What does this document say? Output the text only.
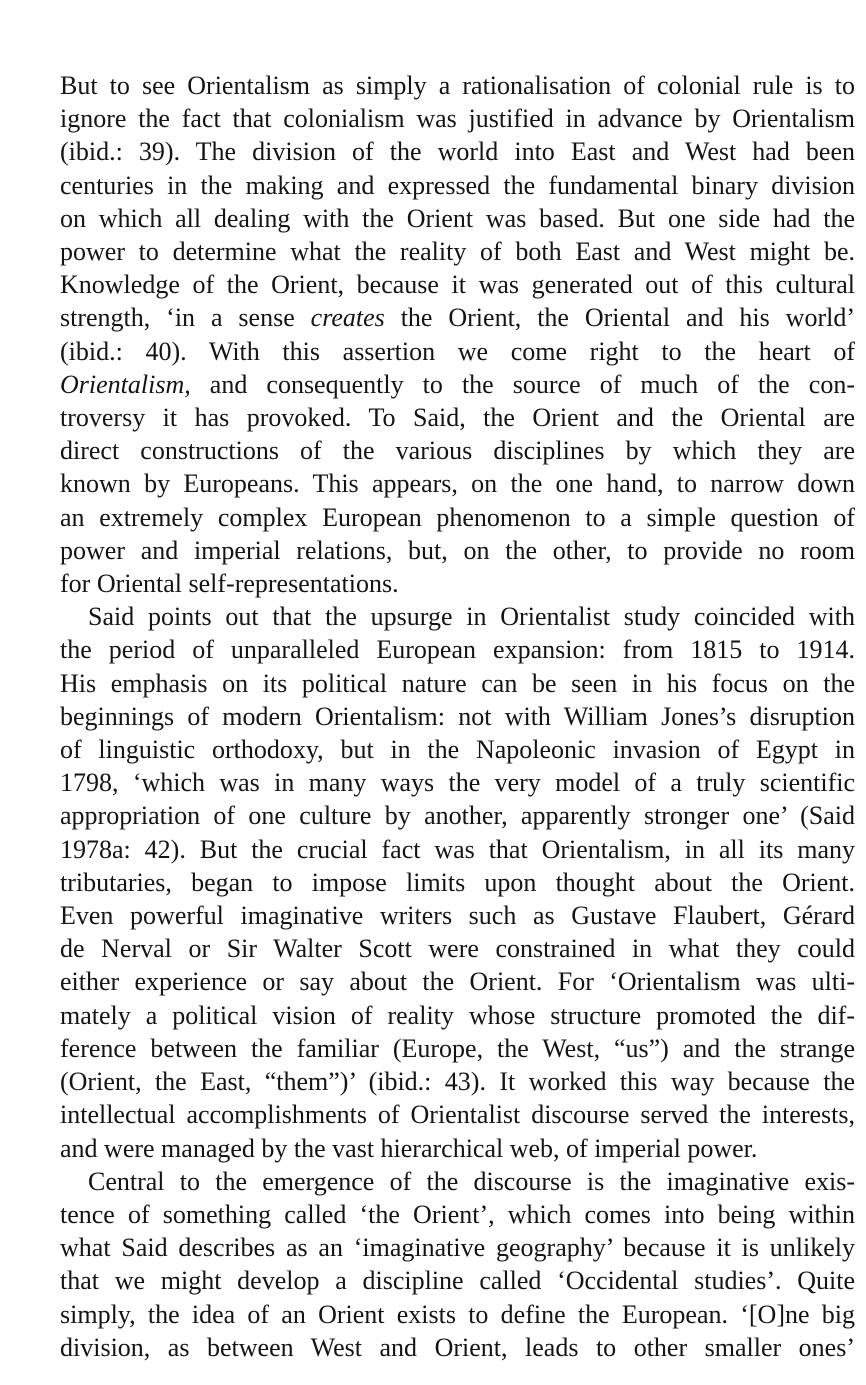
But to see Orientalism as simply a rationalisation of colonial rule is to
ignore the fact that colonialism was justified in advance by Orientalism
(ibid.: 39). The division of the world into East and West had been
centuries in the making and expressed the fundamental binary division
on which all dealing with the Orient was based. But one side had the
power to determine what the reality of both East and West might be.
Knowledge of the Orient, because it was generated out of this cultural
strength, ‘in a sense creates the Orient, the Oriental and his world’
(ibid.: 40). With this assertion we come right to the heart of
Orientalism, and consequently to the source of much of the con-
troversy it has provoked. To Said, the Orient and the Oriental are
direct constructions of the various disciplines by which they are
known by Europeans. This appears, on the one hand, to narrow down
an extremely complex European phenomenon to a simple question of
power and imperial relations, but, on the other, to provide no room
for Oriental self-representations.
Said points out that the upsurge in Orientalist study coincided with
the period of unparalleled European expansion: from 1815 to 1914.
His emphasis on its political nature can be seen in his focus on the
beginnings of modern Orientalism: not with William Jones’s disruption
of linguistic orthodoxy, but in the Napoleonic invasion of Egypt in
1798, ‘which was in many ways the very model of a truly scientific
appropriation of one culture by another, apparently stronger one’ (Said
1978a: 42). But the crucial fact was that Orientalism, in all its many
tributaries, began to impose limits upon thought about the Orient.
Even powerful imaginative writers such as Gustave Flaubert, Gérard
de Nerval or Sir Walter Scott were constrained in what they could
either experience or say about the Orient. For ‘Orientalism was ulti-
mately a political vision of reality whose structure promoted the dif-
ference between the familiar (Europe, the West, “us”) and the strange
(Orient, the East, “them”)’ (ibid.: 43). It worked this way because the
intellectual accomplishments of Orientalist discourse served the interests,
and were managed by the vast hierarchical web, of imperial power.
Central to the emergence of the discourse is the imaginative exis-
tence of something called ‘the Orient’, which comes into being within
what Said describes as an ‘imaginative geography’ because it is unlikely
that we might develop a discipline called ‘Occidental studies’. Quite
simply, the idea of an Orient exists to define the European. ‘[O]ne big
division, as between West and Orient, leads to other smaller ones’
